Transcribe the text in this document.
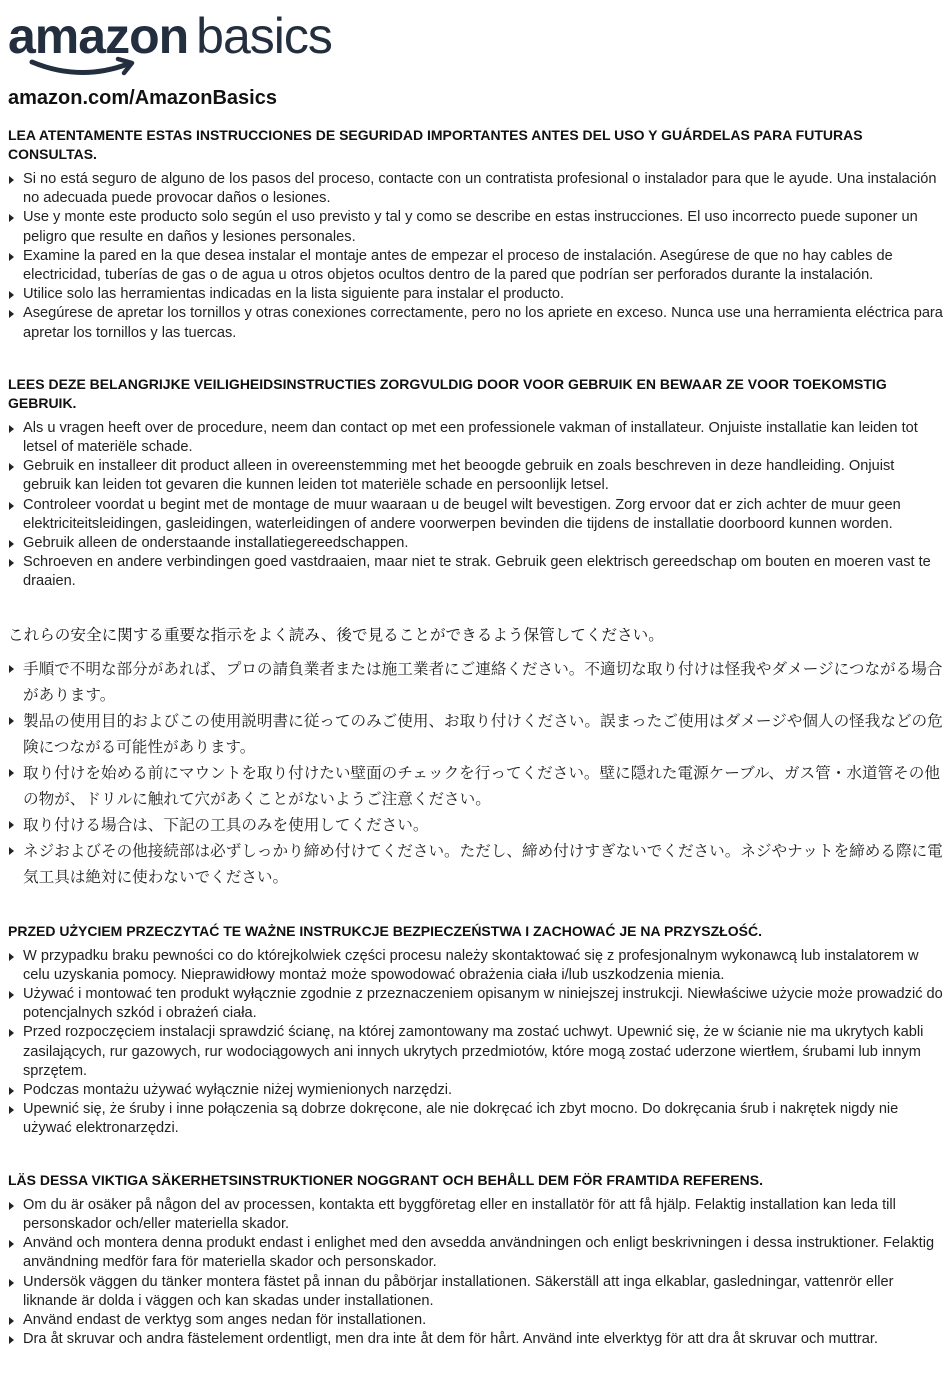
amazon basics
amazon.com/AmazonBasics
LEA ATENTAMENTE ESTAS INSTRUCCIONES DE SEGURIDAD IMPORTANTES ANTES DEL USO Y GUÁRDELAS PARA FUTURAS CONSULTAS.
Si no está seguro de alguno de los pasos del proceso, contacte con un contratista profesional o instalador para que le ayude. Una instalación no adecuada puede provocar daños o lesiones.
Use y monte este producto solo según el uso previsto y tal y como se describe en estas instrucciones. El uso incorrecto puede suponer un peligro que resulte en daños y lesiones personales.
Examine la pared en la que desea instalar el montaje antes de empezar el proceso de instalación. Asegúrese de que no hay cables de electricidad, tuberías de gas o de agua u otros objetos ocultos dentro de la pared que podrían ser perforados durante la instalación.
Utilice solo las herramientas indicadas en la lista siguiente para instalar el producto.
Asegúrese de apretar los tornillos y otras conexiones correctamente, pero no los apriete en exceso. Nunca use una herramienta eléctrica para apretar los tornillos y las tuercas.
LEES DEZE BELANGRIJKE VEILIGHEIDSINSTRUCTIES ZORGVULDIG DOOR VOOR GEBRUIK EN BEWAAR ZE VOOR TOEKOMSTIG GEBRUIK.
Als u vragen heeft over de procedure, neem dan contact op met een professionele vakman of installateur. Onjuiste installatie kan leiden tot letsel of materiële schade.
Gebruik en installeer dit product alleen in overeenstemming met het beoogde gebruik en zoals beschreven in deze handleiding. Onjuist gebruik kan leiden tot gevaren die kunnen leiden tot materiële schade en persoonlijk letsel.
Controleer voordat u begint met de montage de muur waaraan u de beugel wilt bevestigen. Zorg ervoor dat er zich achter de muur geen elektriciteitsleidingen, gasleidingen, waterleidingen of andere voorwerpen bevinden die tijdens de installatie doorboord kunnen worden.
Gebruik alleen de onderstaande installatiegereedschappen.
Schroeven en andere verbindingen goed vastdraaien, maar niet te strak. Gebruik geen elektrisch gereedschap om bouten en moeren vast te draaien.
これらの安全に関する重要な指示をよく読み、後で見ることができるよう保管してください。
手順で不明な部分があれば、プロの請負業者または施工業者にご連絡ください。不適切な取り付けは怪我やダメージにつながる場合があります。
製品の使用目的およびこの使用説明書に従ってのみご使用、お取り付けください。誤まったご使用はダメージや個人の怪我などの危険につながる可能性があります。
取り付けを始める前にマウントを取り付けたい壁面のチェックを行ってください。壁に隠れた電源ケーブル、ガス管・水道管その他の物が、ドリルに触れて穴があくことがないようご注意ください。
取り付ける場合は、下記の工具のみを使用してください。
ネジおよびその他接続部は必ずしっかり締め付けてください。ただし、締め付けすぎないでください。ネジやナットを締める際に電気工具は絶対に使わないでください。
PRZED UŻYCIEM PRZECZYTAĆ TE WAŻNE INSTRUKCJE BEZPIECZEŃSTWA I ZACHOWAĆ JE NA PRZYSZŁOŚĆ.
W przypadku braku pewności co do którejkolwiek części procesu należy skontaktować się z profesjonalnym wykonawcą lub instalatorem w celu uzyskania pomocy. Nieprawidłowy montaż może spowodować obrażenia ciała i/lub uszkodzenia mienia.
Używać i montować ten produkt wyłącznie zgodnie z przeznaczeniem opisanym w niniejszej instrukcji. Niewłaściwe użycie może prowadzić do potencjalnych szkód i obrażeń ciała.
Przed rozpoczęciem instalacji sprawdzić ścianę, na której zamontowany ma zostać uchwyt. Upewnić się, że w ścianie nie ma ukrytych kabli zasilających, rur gazowych, rur wodociągowych ani innych ukrytych przedmiotów, które mogą zostać uderzone wiertłem, śrubami lub innym sprzętem.
Podczas montażu używać wyłącznie niżej wymienionych narzędzi.
Upewnić się, że śruby i inne połączenia są dobrze dokręcone, ale nie dokręcać ich zbyt mocno. Do dokręcania śrub i nakrętek nigdy nie używać elektronarzędzi.
LÄS DESSA VIKTIGA SÄKERHETSINSTRUKTIONER NOGGRANT OCH BEHÅLL DEM FÖR FRAMTIDA REFERENS.
Om du är osäker på någon del av processen, kontakta ett byggföretag eller en installatör för att få hjälp. Felaktig installation kan leda till personskador och/eller materiella skador.
Använd och montera denna produkt endast i enlighet med den avsedda användningen och enligt beskrivningen i dessa instruktioner. Felaktig användning medför fara för materiella skador och personskador.
Undersök väggen du tänker montera fästet på innan du påbörjar installationen. Säkerställ att inga elkablar, gasledningar, vattenrör eller liknande är dolda i väggen och kan skadas under installationen.
Använd endast de verktyg som anges nedan för installationen.
Dra åt skruvar och andra fästelement ordentligt, men dra inte åt dem för hårt. Använd inte elverktyg för att dra åt skruvar och muttrar.
